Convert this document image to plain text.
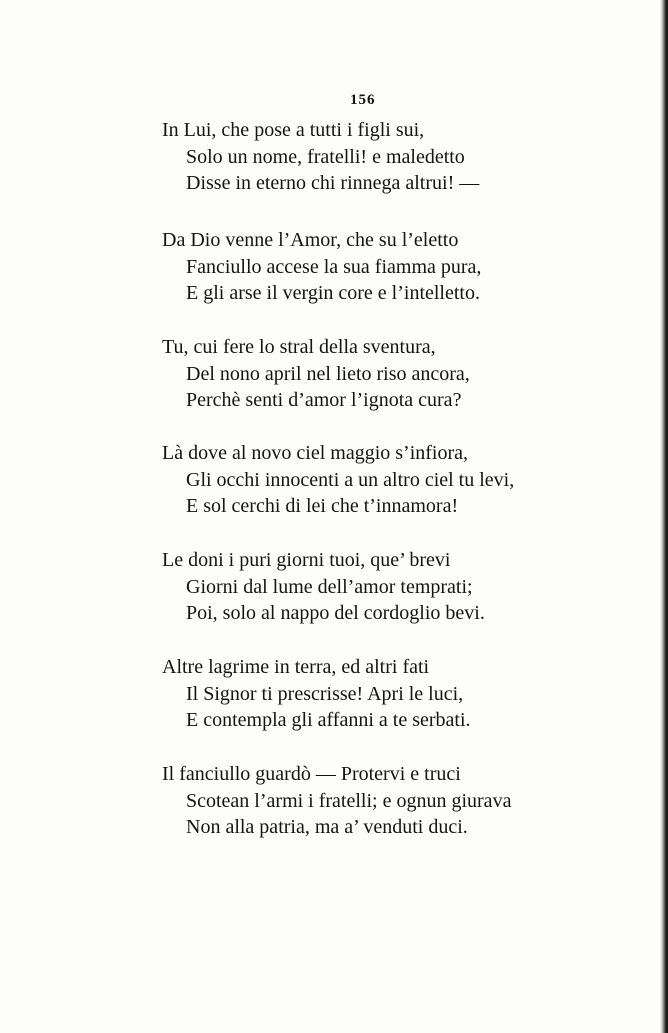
156

In Lui, che pose a tutti i figli sui,
Solo un nome, fratelli! e maledetto
Disse in eterno chi rinnega altrui! —
Da Dio venne l’Amor, che su l’eletto
Fanciullo accese la sua fiamma pura,
E gli arse il vergin core e l’intelletto.
Tu, cui fere lo stral della sventura,
Del nono april nel lieto riso ancora,
Perchè senti d’amor l’ignota cura?
Là dove al novo ciel maggio s’infiora,
Gli occhi innocenti a un altro ciel tu levi,
E sol cerchi di lei che t’innamora!
Le doni i puri giorni tuoi, que’ brevi
Giorni dal lume dell’amor temprati;
Poi, solo al nappo del cordoglio bevi.
Altre lagrime in terra, ed altri fati
Il Signor ti prescrisse! Apri le luci,
E contempla gli affanni a te serbati.
Il fanciullo guardò — Protervi e truci
Scotean l’armi i fratelli; e ognun giurava
Non alla patria, ma a’ venduti duci.
